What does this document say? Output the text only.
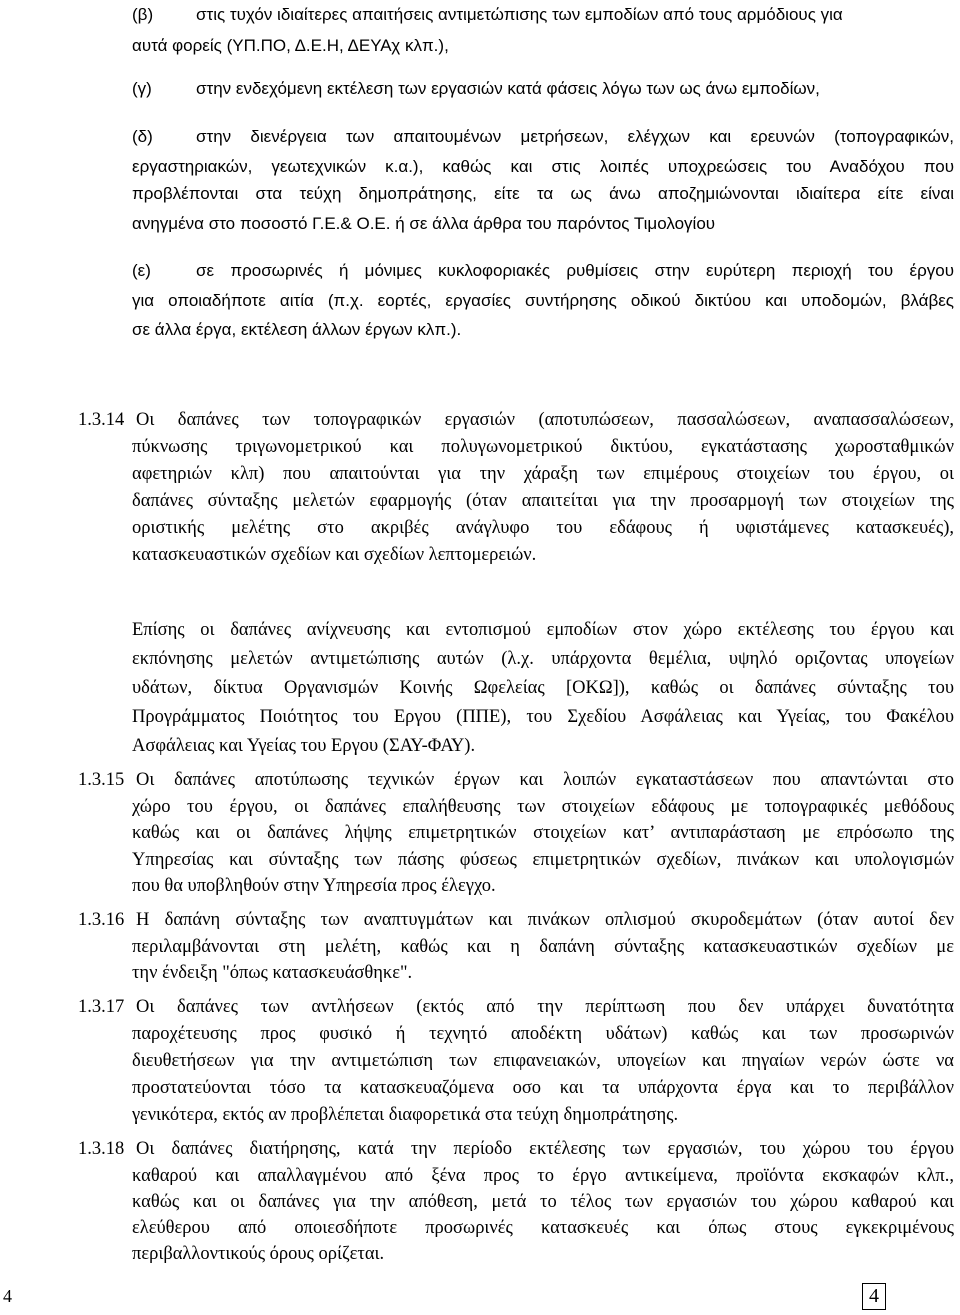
(β)	στις τυχόν ιδιαίτερες απαιτήσεις αντιμετώπισης των εμποδίων από τους αρμόδιους για
αυτά φορείς (ΥΠ.ΠΟ, Δ.Ε.Η, ΔΕΥΑχ κλπ.),
(γ)	στην ενδεχόμενη εκτέλεση των εργασιών κατά φάσεις λόγω των ως άνω εμποδίων,
(δ)	στην διενέργεια των απαιτουμένων μετρήσεων, ελέγχων και ερευνών (τοπογραφικών,
εργαστηριακών, γεωτεχνικών κ.α.), καθώς και στις λοιπές υποχρεώσεις του Αναδόχου που
προβλέπονται στα τεύχη δημοπράτησης, είτε τα ως άνω αποζημιώνονται ιδιαίτερα είτε είναι
ανηγμένα στο ποσοστό Γ.Ε.& Ο.Ε. ή σε άλλα άρθρα του παρόντος Τιμολογίου
(ε)	σε προσωρινές ή μόνιμες κυκλοφοριακές ρυθμίσεις στην ευρύτερη περιοχή του έργου
για οποιαδήποτε αιτία (π.χ. εορτές, εργασίες συντήρησης οδικού δικτύου και υποδομών, βλάβες
σε άλλα έργα, εκτέλεση άλλων έργων κλπ.).
1.3.14 Οι δαπάνες των τοπογραφικών εργασιών (αποτυπώσεων, πασσαλώσεων, αναπασσαλώσεων,
πύκνωσης τριγωνομετρικού και πολυγωνομετρικού δικτύου, εγκατάστασης χωροσταθμικών
αφετηριών κλπ) που απαιτούνται για την χάραξη των επιμέρους στοιχείων του έργου, οι
δαπάνες σύνταξης μελετών εφαρμογής (όταν απαιτείται για την προσαρμογή των στοιχείων της
οριστικής μελέτης στο ακριβές ανάγλυφο του εδάφους ή υφιστάμενες κατασκευές),
κατασκευαστικών σχεδίων και σχεδίων λεπτομερειών.
Επίσης οι δαπάνες ανίχνευσης και εντοπισμού εμποδίων στον χώρο εκτέλεσης του έργου και
εκπόνησης μελετών αντιμετώπισης αυτών (λ.χ. υπάρχοντα θεμέλια, υψηλό οριζοντας υπογείων
υδάτων, δίκτυα Οργανισμών Κοινής Ωφελείας [ΟΚΩ]), καθώς οι δαπάνες σύνταξης του
Προγράμματος Ποιότητος του Εργου (ΠΠΕ), του Σχεδίου Ασφάλειας και Υγείας, του Φακέλου
Ασφάλειας και Υγείας του Εργου (ΣΑΥ-ΦΑΥ).
1.3.15 Οι δαπάνες αποτύπωσης τεχνικών έργων και λοιπών εγκαταστάσεων που απαντώνται στο
χώρο του έργου, οι δαπάνες επαλήθευσης των στοιχείων εδάφους με τοπογραφικές μεθόδους
καθώς και οι δαπάνες λήψης επιμετρητικών στοιχείων κατ’ αντιπαράσταση με επρόσωπο της
Υπηρεσίας και σύνταξης των πάσης φύσεως επιμετρητικών σχεδίων, πινάκων και υπολογισμών
που θα υποβληθούν στην Υπηρεσία προς έλεγχο.
1.3.16 Η δαπάνη σύνταξης των αναπτυγμάτων και πινάκων οπλισμού σκυροδεμάτων (όταν αυτοί δεν
περιλαμβάνονται στη μελέτη, καθώς και η δαπάνη σύνταξης κατασκευαστικών σχεδίων με
την ένδειξη "όπως κατασκευάσθηκε".
1.3.17 Οι δαπάνες των αντλήσεων (εκτός από την περίπτωση που δεν υπάρχει δυνατότητα
παροχέτευσης προς φυσικό ή τεχνητό αποδέκτη υδάτων) καθώς και των προσωρινών
διευθετήσεων για την αντιμετώπιση των επιφανειακών, υπογείων και πηγαίων νερών ώστε να
προστατεύονται τόσο τα κατασκευαζόμενα οσο και τα υπάρχοντα έργα και το περιβάλλον
γενικότερα, εκτός αν προβλέπεται διαφορετικά στα τεύχη δημοπράτησης.
1.3.18 Οι δαπάνες διατήρησης, κατά την περίοδο εκτέλεσης των εργασιών, του χώρου του έργου
καθαρού και απαλλαγμένου από ξένα προς το έργο αντικείμενα, προϊόντα εκσκαφών κλπ.,
καθώς και οι δαπάνες για την απόθεση, μετά το τέλος των εργασιών του χώρου καθαρού και
ελεύθερου από οποιεσδήποτε προσωρινές κατασκευές και όπως στους εγκεκριμένους
περιβαλλοντικούς όρους ορίζεται.
4	4
